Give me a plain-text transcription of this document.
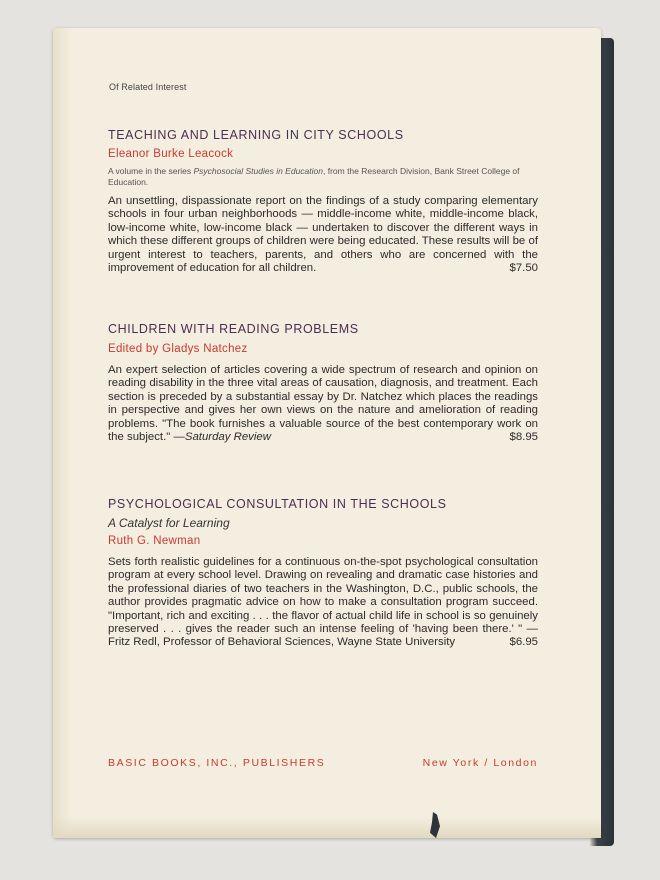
Of Related Interest

TEACHING AND LEARNING IN CITY SCHOOLS

Eleanor Burke Leacock

A volume in the series Psychosocial Studies in Education, from the Research Division, Bank Street College of Education.

An unsettling, dispassionate report on the findings of a study comparing elementary schools in four urban neighborhoods — middle-income white, middle-income black, low-income white, low-income black — undertaken to discover the different ways in which these different groups of children were being educated. These results will be of urgent interest to teachers, parents, and others who are concerned with the improvement of education for all children.	$7.50

CHILDREN WITH READING PROBLEMS

Edited by Gladys Natchez

An expert selection of articles covering a wide spectrum of research and opinion on reading disability in the three vital areas of causation, diagnosis, and treatment. Each section is preceded by a substantial essay by Dr. Natchez which places the readings in perspective and gives her own views on the nature and amelioration of reading problems. "The book furnishes a valuable source of the best contemporary work on the subject." —Saturday Review	$8.95

PSYCHOLOGICAL CONSULTATION IN THE SCHOOLS

A Catalyst for Learning

Ruth G. Newman

Sets forth realistic guidelines for a continuous on-the-spot psychological consultation program at every school level. Drawing on revealing and dramatic case histories and the professional diaries of two teachers in the Washington, D.C., public schools, the author provides pragmatic advice on how to make a consultation program succeed. "Important, rich and exciting . . . the flavor of actual child life in school is so genuinely preserved . . . gives the reader such an intense feeling of 'having been there.' " —Fritz Redl, Professor of Behavioral Sciences, Wayne State University	$6.95

BASIC BOOKS, INC., PUBLISHERS	New York / London
